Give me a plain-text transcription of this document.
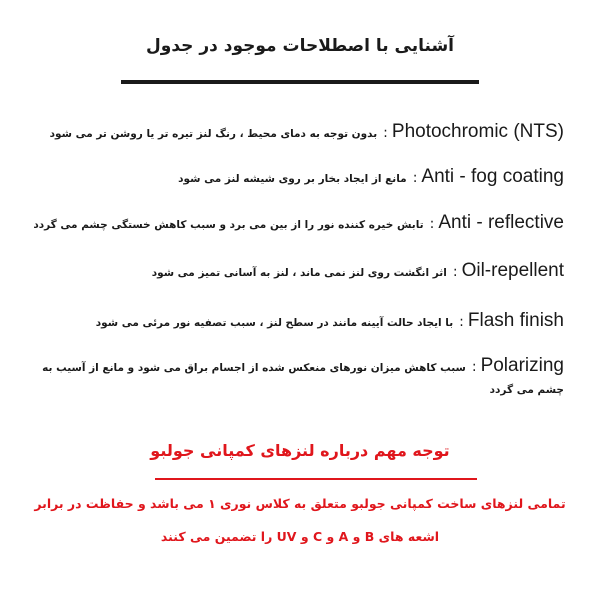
آشنایی با اصطلاحات موجود در جدول
Photochromic (NTS):بدون توجه به دمای محیط ، رنگ لنز تیره تر یا روشن تر می شود
Anti - fog coating:مانع از ایجاد بخار بر روی شیشه لنز می شود
Anti - reflective:تابش خیره کننده نور را از بین می برد و سبب کاهش خستگی چشم می گردد
Oil-repellent:اثر انگشت روی لنز نمی ماند ، لنز به آسانی تمیز می شود
Flash finish:با ایجاد حالت آیینه مانند در سطح لنز ، سبب تصفیه نور مرئی می شود
Polarizing:سبب کاهش میزان نورهای منعکس شده از اجسام براق می شود و مانع از آسیب به چشم می گردد
توجه مهم درباره لنزهای کمپانی جولبو
تمامی لنزهای ساخت کمپانی جولبو متعلق به کلاس نوری ۱ می باشد و حفاظت در برابر
اشعه های B و A و C و UV را تضمین می کنند
